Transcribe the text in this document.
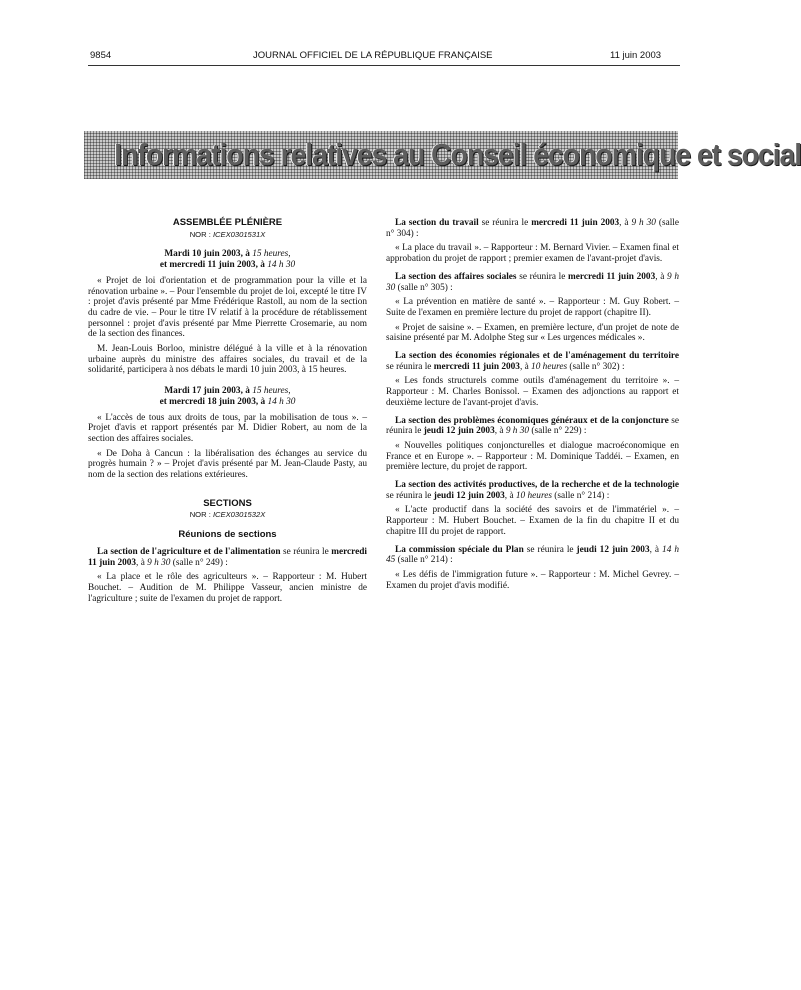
9854	JOURNAL OFFICIEL DE LA RÉPUBLIQUE FRANÇAISE	11 juin 2003
Informations relatives au Conseil économique et social
ASSEMBLÉE PLÉNIÈRE
NOR : ICEX0301531X
Mardi 10 juin 2003, à 15 heures,
et mercredi 11 juin 2003, à 14 h 30

« Projet de loi d'orientation et de programmation pour la ville et la rénovation urbaine ». – Pour l'ensemble du projet de loi, excepté le titre IV : projet d'avis présenté par Mme Frédérique Rastoll, au nom de la section du cadre de vie. – Pour le titre IV relatif à la procédure de rétablissement personnel : projet d'avis présenté par Mme Pierrette Crosemarie, au nom de la section des finances.

M. Jean-Louis Borloo, ministre délégué à la ville et à la rénovation urbaine auprès du ministre des affaires sociales, du travail et de la solidarité, participera à nos débats le mardi 10 juin 2003, à 15 heures.

Mardi 17 juin 2003, à 15 heures,
et mercredi 18 juin 2003, à 14 h 30

« L'accès de tous aux droits de tous, par la mobilisation de tous ». – Projet d'avis et rapport présentés par M. Didier Robert, au nom de la section des affaires sociales.

« De Doha à Cancun : la libéralisation des échanges au service du progrès humain ? » – Projet d'avis présenté par M. Jean-Claude Pasty, au nom de la section des relations extérieures.

SECTIONS
NOR : ICEX0301532X
Réunions de sections

La section de l'agriculture et de l'alimentation se réunira le mercredi 11 juin 2003, à 9 h 30 (salle n° 249) :

« La place et le rôle des agriculteurs ». – Rapporteur : M. Hubert Bouchet. – Audition de M. Philippe Vasseur, ancien ministre de l'agriculture ; suite de l'examen du projet de rapport.

La section du travail se réunira le mercredi 11 juin 2003, à 9 h 30 (salle n° 304) :

« La place du travail ». – Rapporteur : M. Bernard Vivier. – Examen final et approbation du projet de rapport ; premier examen de l'avant-projet d'avis.

La section des affaires sociales se réunira le mercredi 11 juin 2003, à 9 h 30 (salle n° 305) :

« La prévention en matière de santé ». – Rapporteur : M. Guy Robert. – Suite de l'examen en première lecture du projet de rapport (chapitre II).

« Projet de saisine ». – Examen, en première lecture, d'un projet de note de saisine présenté par M. Adolphe Steg sur « Les urgences médicales ».

La section des économies régionales et de l'aménagement du territoire se réunira le mercredi 11 juin 2003, à 10 heures (salle n° 302) :

« Les fonds structurels comme outils d'aménagement du territoire ». – Rapporteur : M. Charles Bonissol. – Examen des adjonctions au rapport et deuxième lecture de l'avant-projet d'avis.

La section des problèmes économiques généraux et de la conjoncture se réunira le jeudi 12 juin 2003, à 9 h 30 (salle n° 229) :

« Nouvelles politiques conjoncturelles et dialogue macroéconomique en France et en Europe ». – Rapporteur : M. Dominique Taddéi. – Examen, en première lecture, du projet de rapport.

La section des activités productives, de la recherche et de la technologie se réunira le jeudi 12 juin 2003, à 10 heures (salle n° 214) :

« L'acte productif dans la société des savoirs et de l'immatériel ». – Rapporteur : M. Hubert Bouchet. – Examen de la fin du chapitre II et du chapitre III du projet de rapport.

La commission spéciale du Plan se réunira le jeudi 12 juin 2003, à 14 h 45 (salle n° 214) :

« Les défis de l'immigration future ». – Rapporteur : M. Michel Gevrey. – Examen du projet d'avis modifié.
